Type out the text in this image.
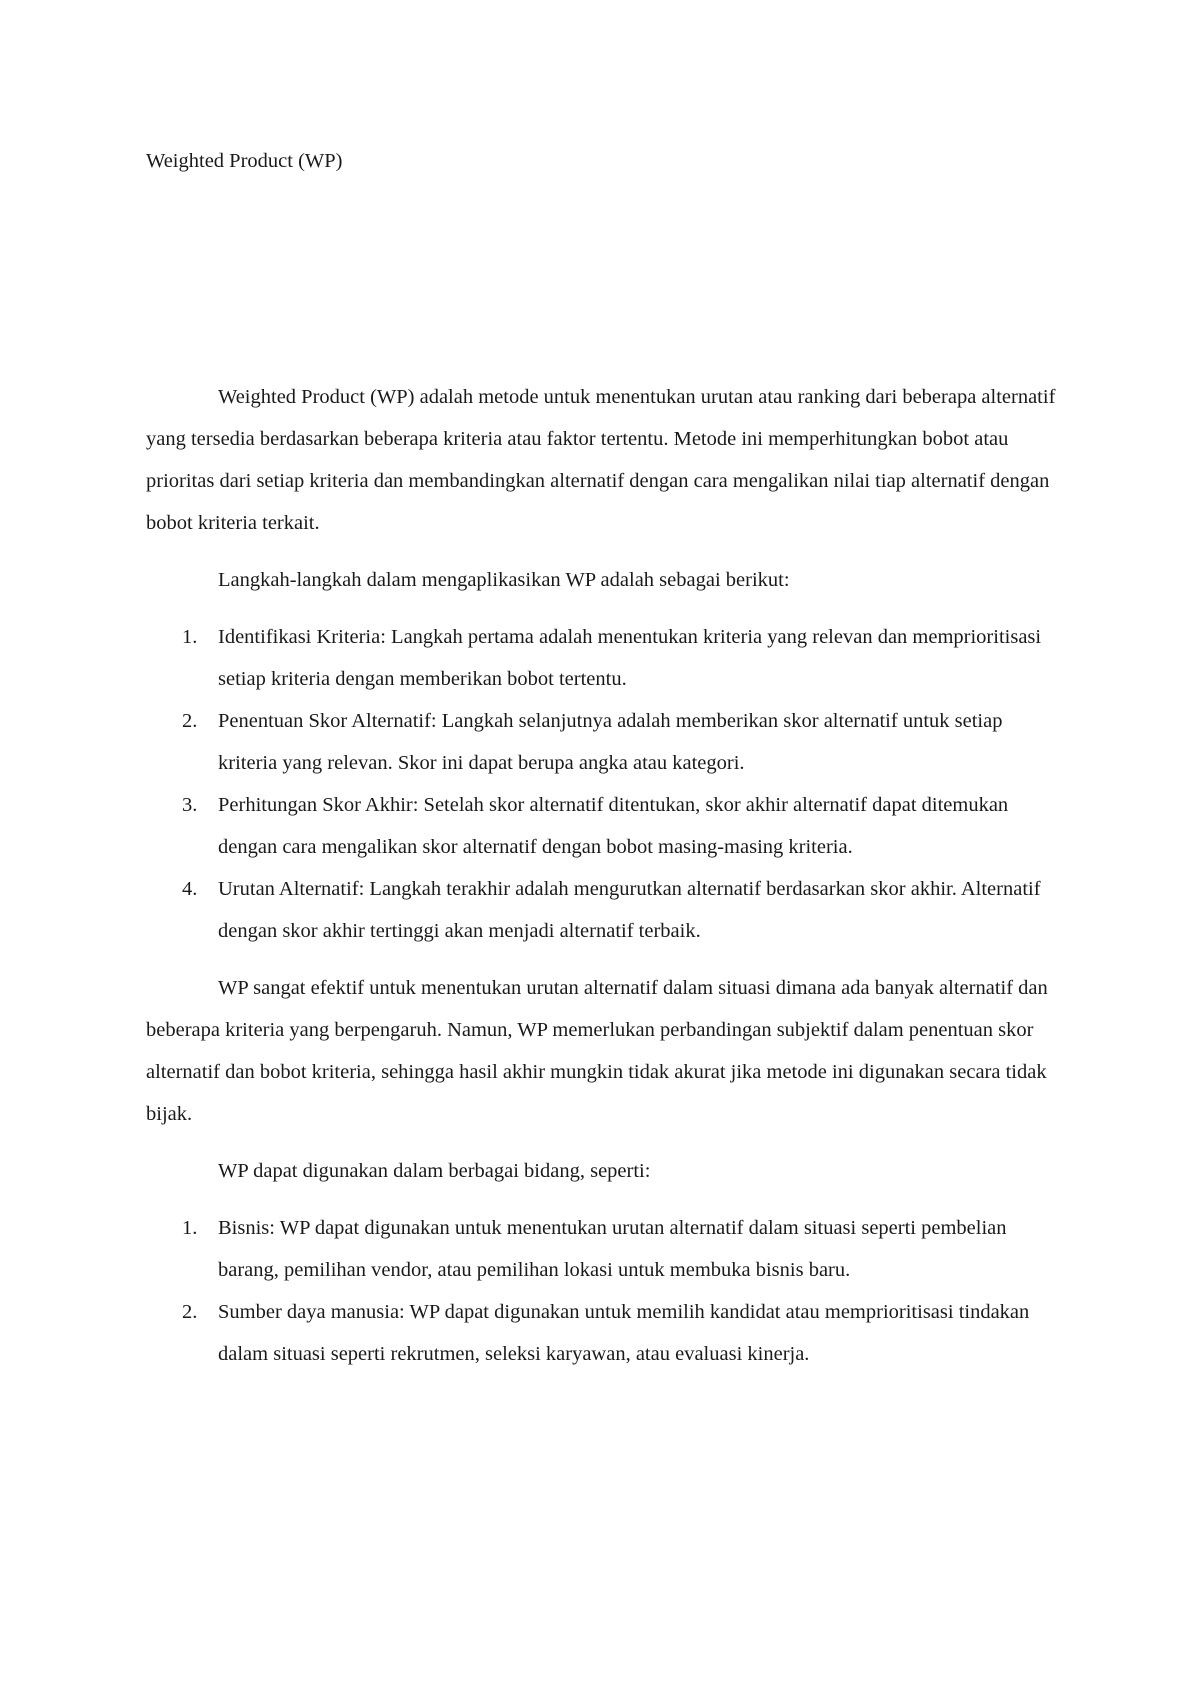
Weighted Product (WP)

Weighted Product (WP) adalah metode untuk menentukan urutan atau ranking dari beberapa alternatif yang tersedia berdasarkan beberapa kriteria atau faktor tertentu. Metode ini memperhitungkan bobot atau prioritas dari setiap kriteria dan membandingkan alternatif dengan cara mengalikan nilai tiap alternatif dengan bobot kriteria terkait.

Langkah-langkah dalam mengaplikasikan WP adalah sebagai berikut:

1. Identifikasi Kriteria: Langkah pertama adalah menentukan kriteria yang relevan dan memprioritisasi setiap kriteria dengan memberikan bobot tertentu.
2. Penentuan Skor Alternatif: Langkah selanjutnya adalah memberikan skor alternatif untuk setiap kriteria yang relevan. Skor ini dapat berupa angka atau kategori.
3. Perhitungan Skor Akhir: Setelah skor alternatif ditentukan, skor akhir alternatif dapat ditemukan dengan cara mengalikan skor alternatif dengan bobot masing-masing kriteria.
4. Urutan Alternatif: Langkah terakhir adalah mengurutkan alternatif berdasarkan skor akhir. Alternatif dengan skor akhir tertinggi akan menjadi alternatif terbaik.

WP sangat efektif untuk menentukan urutan alternatif dalam situasi dimana ada banyak alternatif dan beberapa kriteria yang berpengaruh. Namun, WP memerlukan perbandingan subjektif dalam penentuan skor alternatif dan bobot kriteria, sehingga hasil akhir mungkin tidak akurat jika metode ini digunakan secara tidak bijak.

WP dapat digunakan dalam berbagai bidang, seperti:

1. Bisnis: WP dapat digunakan untuk menentukan urutan alternatif dalam situasi seperti pembelian barang, pemilihan vendor, atau pemilihan lokasi untuk membuka bisnis baru.
2. Sumber daya manusia: WP dapat digunakan untuk memilih kandidat atau memprioritisasi tindakan dalam situasi seperti rekrutmen, seleksi karyawan, atau evaluasi kinerja.
